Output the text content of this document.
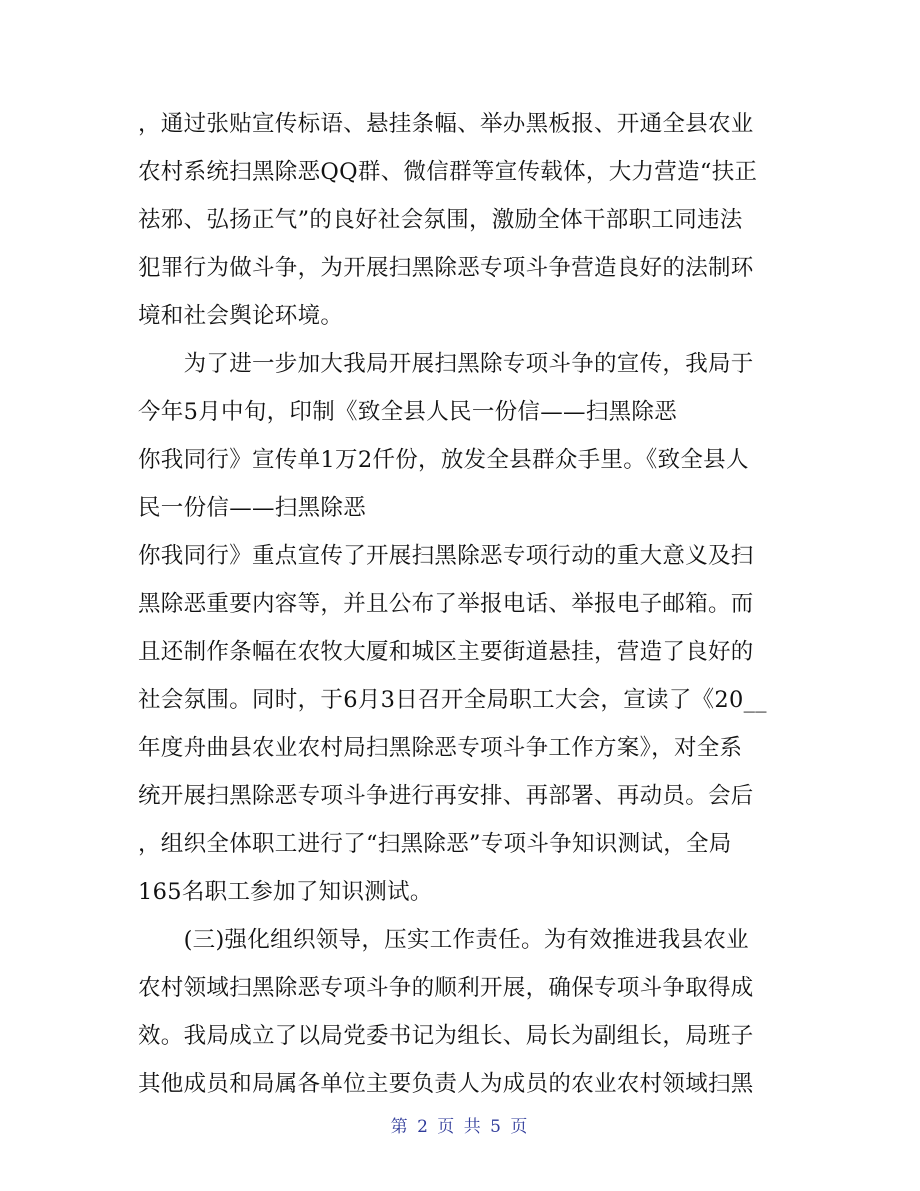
，通过张贴宣传标语、悬挂条幅、举办黑板报、开通全县农业
农村系统扫黑除恶QQ群、微信群等宣传载体，大力营造“扶正
祛邪、弘扬正气”的良好社会氛围，激励全体干部职工同违法
犯罪行为做斗争，为开展扫黑除恶专项斗争营造良好的法制环
境和社会舆论环境。
　　为了进一步加大我局开展扫黑除专项斗争的宣传，我局于
今年5月中旬，印制《致全县人民一份信——扫黑除恶
你我同行》宣传单1万2仟份，放发全县群众手里。《致全县人
民一份信——扫黑除恶
你我同行》重点宣传了开展扫黑除恶专项行动的重大意义及扫
黑除恶重要内容等，并且公布了举报电话、举报电子邮箱。而
且还制作条幅在农牧大厦和城区主要街道悬挂，营造了良好的
社会氛围。同时，于6月3日召开全局职工大会，宣读了《20__
年度舟曲县农业农村局扫黑除恶专项斗争工作方案》，对全系
统开展扫黑除恶专项斗争进行再安排、再部署、再动员。会后
，组织全体职工进行了“扫黑除恶”专项斗争知识测试，全局
165名职工参加了知识测试。
　　(三)强化组织领导，压实工作责任。为有效推进我县农业
农村领域扫黑除恶专项斗争的顺利开展，确保专项斗争取得成
效。我局成立了以局党委书记为组长、局长为副组长，局班子
其他成员和局属各单位主要负责人为成员的农业农村领域扫黑
第 2 页 共 5 页
